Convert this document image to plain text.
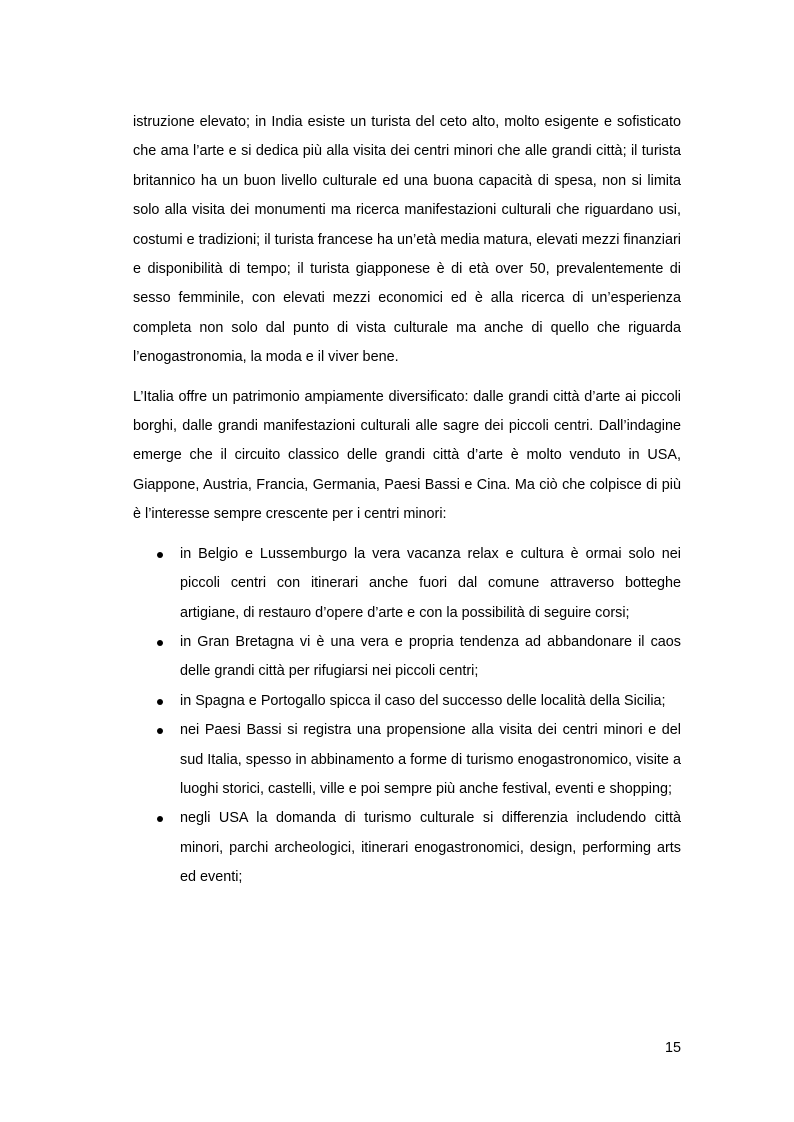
istruzione elevato; in India esiste un turista del ceto alto, molto esigente e sofisticato che ama l’arte e si dedica più alla visita dei centri minori che alle grandi città; il turista britannico ha un buon livello culturale ed una buona capacità di spesa, non si limita solo alla visita dei monumenti ma ricerca manifestazioni culturali che riguardano usi, costumi e tradizioni; il turista francese ha un’età media matura, elevati mezzi finanziari e disponibilità di tempo; il turista giapponese è di età over 50, prevalentemente di sesso femminile, con elevati mezzi economici ed è alla ricerca di un’esperienza completa non solo dal punto di vista culturale ma anche di quello che riguarda l’enogastronomia, la moda e il viver bene.

L’Italia offre un patrimonio ampiamente diversificato: dalle grandi città d’arte ai piccoli borghi, dalle grandi manifestazioni culturali alle sagre dei piccoli centri. Dall’indagine emerge che il circuito classico delle grandi città d’arte è molto venduto in USA, Giappone, Austria, Francia, Germania, Paesi Bassi e Cina. Ma ciò che colpisce di più è l’interesse sempre crescente per i centri minori:

in Belgio e Lussemburgo la vera vacanza relax e cultura è ormai solo nei piccoli centri con itinerari anche fuori dal comune attraverso botteghe artigiane, di restauro d’opere d’arte e con la possibilità di seguire corsi;
in Gran Bretagna vi è una vera e propria tendenza ad abbandonare il caos delle grandi città per rifugiarsi nei piccoli centri;
in Spagna e Portogallo spicca il caso del successo delle località della Sicilia;
nei Paesi Bassi si registra una propensione alla visita dei centri minori e del sud Italia, spesso in abbinamento a forme di turismo enogastronomico, visite a luoghi storici, castelli, ville e poi sempre più anche festival, eventi e shopping;
negli USA la domanda di turismo culturale si differenzia includendo città minori, parchi archeologici, itinerari enogastronomici, design, performing arts ed eventi;
15
